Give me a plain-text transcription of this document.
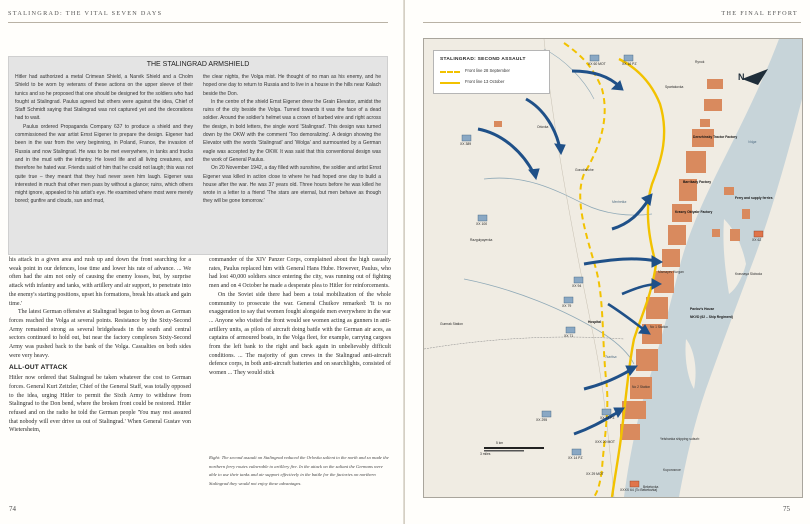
STALINGRAD: THE VITAL SEVEN DAYS
THE STALINGRAD ARMSHIELD

Hitler had authorized a metal Crimean Shield, a Narvik Shield and a Cholm Shield to be worn by veterans of these actions on the upper sleeve of their tunics and so he proposed that one should be designed for the soldiers who had fought at Stalingrad. Paulus agreed but others were against the idea, Chief of Staff Schmidt saying that Stalingrad was not captured yet and the decorations had to wait.

Paulus ordered Propaganda Company 637 to produce a shield and they commissioned the war artist Ernst Eigener to prepare the design. Eigener had been in the war from the very beginning, in Poland, France, the invasion of Russia and now Stalingrad. He was to be met everywhere, in tanks and trucks and in the mud with the infantry. He loved life and all living creatures, and therefore he hated war. Friends said of him that he could not laugh; this was not quite true – they meant that they had never seen him laugh. Eigener was interested in much that other men pass by without a glance; ruins, which others might ignore, appealed to his artist's eye. He examined where most were merely bored; gunfire and clouds, sun and mud,

the clear nights, the Volga mist. He thought of no man as his enemy, and he hoped one day to return to Russia and to live in a house in the hills near Kalach beside the Don.

In the centre of the shield Ernst Eigener drew the Grain Elevator, amidst the ruins of the city beside the Volga. Turned towards it was the face of a dead soldier. Around the soldier's helmet was a crown of barbed wire and right across the design, in bold letters, the single word 'Stalingrad'. This design was turned down by the OKW with the comment 'Too demoralizing'. A design showing the Elevator with the words 'Stalingrad' and 'Wolga' and surmounted by a German eagle was accepted by the OKW. It was said that this conventional design was the work of General Paulus.

On 20 November 1942, a day filled with sunshine, the soldier and artist Ernst Eigener was killed in action close to where he had hoped one day to build a house after the war. He was 37 years old. Three hours before he was killed he wrote in a letter to a friend 'The stars are eternal, but men behave as though they will be gone tomorrow.'

his attack in a given area and rush up and down the front searching for a weak point in our defences, lose time and lower his rate of advance. ... We often had the aim not only of causing the enemy losses, but, by surprise attack with infantry and tanks, with artillery and air support, to penetrate into the enemy's starting positions, upset his formations, break his attack and gain time.'

The latest German offensive at Stalingrad began to bog down as German forces reached the Volga at several points. Resistance by the Sixty-Second Army remained strong as several bridgeheads in the south and central sectors continued to hold out, but near the factory complexes Sixty-Second Army was pushed back to the bank of the Volga. Casualties on both sides were very heavy.

ALL-OUT ATTACK

Hitler now ordered that Stalingrad be taken whatever the cost to German forces. General Kurt Zeitzler, Chief of the General Staff, was totally opposed to the idea, urging Hitler to permit the Sixth Army to withdraw from Stalingrad to the Don bend, where the broken front could be restored. Hitler refused and on the radio he told the German people 'You may rest assured that nobody will ever drive us out of Stalingrad.' When General Gustav von Wietersheim,

commander of the XIV Panzer Corps, complained about the high casualty rates, Paulus replaced him with General Hans Hube. However, Paulus, who had lost 40,000 soldiers since entering the city, was running out of fighting men and on 4 October he made a desperate plea to Hitler for reinforcements.

On the Soviet side there had been a total mobilization of the whole community to prosecute the war. General Chuikov remarked: 'It is no exaggeration to say that women fought alongside men everywhere in the war ... Anyone who visited the front would see women acting as gunners in anti-artillery units, as pilots of aircraft doing battle with the German air aces, as captains of armoured boats, in the Volga fleet, for example, carrying cargoes from the left bank to the right and back again in unbelievably difficult conditions. ... The majority of gun crews in the Stalingrad anti-aircraft defence corps, in both anti-aircraft batteries and on searchlights, consisted of women ... They would stick

Right: The second assault on Stalingrad reduced the Orlovka salient to the north and so made the northern ferry routes vulnerable to artillery fire. In the attack on the saliant the Germans were able to use their tanks and air support effectively in the battle for the factories on northern Stalingrad they would not enjoy these advantages.
74
THE FINAL EFFORT
75
STALINGRAD: SECOND ASSAULT
Front line 28 September
Front line 13 October	N
Orlovka
Spartakovka
Rynok
Dzerzhinsky Tractor Factory
Barrikady Factory
Krasny Oktyabr Factory
Mamayev Kurgan
Gumrak Station	Hospital
No 1 Station
No 2 Station
Pavlov's House
NKVD (62 – Ship Regiment)
Krasnaya Sloboda
Beketovka
Kuporosnoe
Tsaritsa
Mechetka
Volga
Ferry and supply ferries
Gorodishche
Razgulyayevka
Yelshanka shipping suburb
XX 60 MOT	XX 16 PZ
XX 389
XX 100
XX 94
XX 79
XX 71
XX 295	XX 24 PZ
XX 14 PZ
XX 29 MOT
XXXX 64 (To Beketovka)
XX 62
XXX 20 MOT
5 km
3 miles
